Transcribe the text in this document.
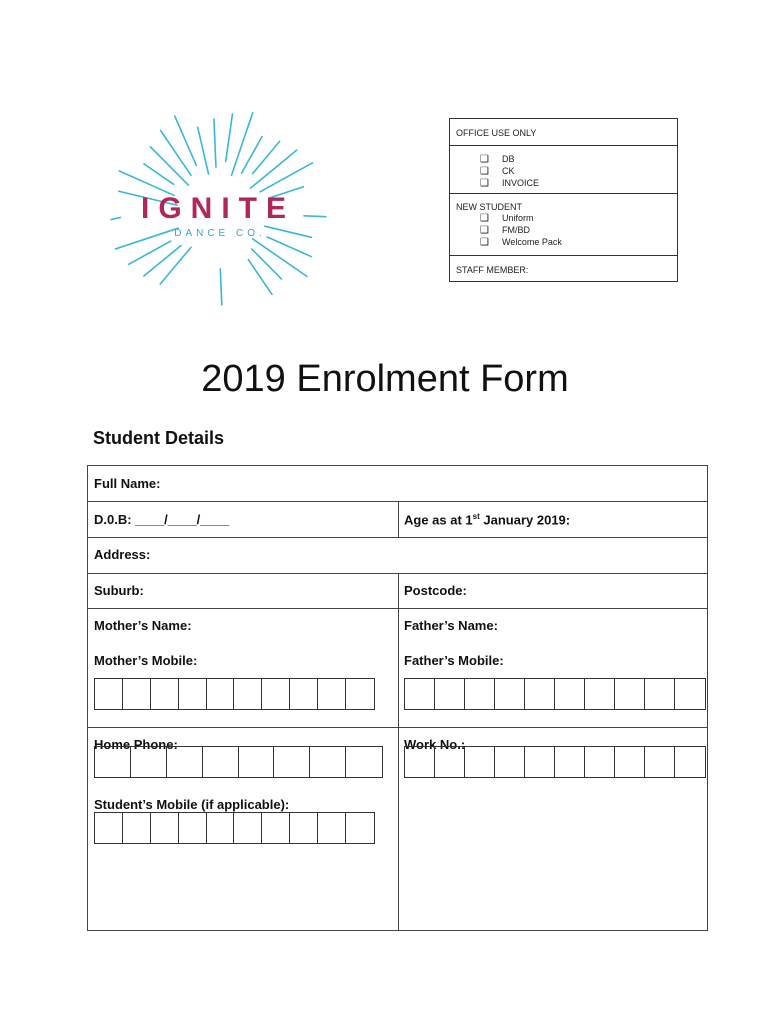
IGNITE
DANCE CO.
OFFICE USE ONLY
❑	DB
❑	CK
❑	INVOICE
NEW STUDENT
❑	Uniform
❑	FM/BD
❑	Welcome Pack
STAFF MEMBER:
2019 Enrolment Form
Student Details
Full Name:
D.0.B: ____/____/____	Age as at 1st January 2019:
Address:
Suburb:	Postcode:
Mother’s Name:	Father’s Name:
Mother’s Mobile:	Father’s Mobile:
Home Phone:	Work No.:
Student’s Mobile (if applicable):
